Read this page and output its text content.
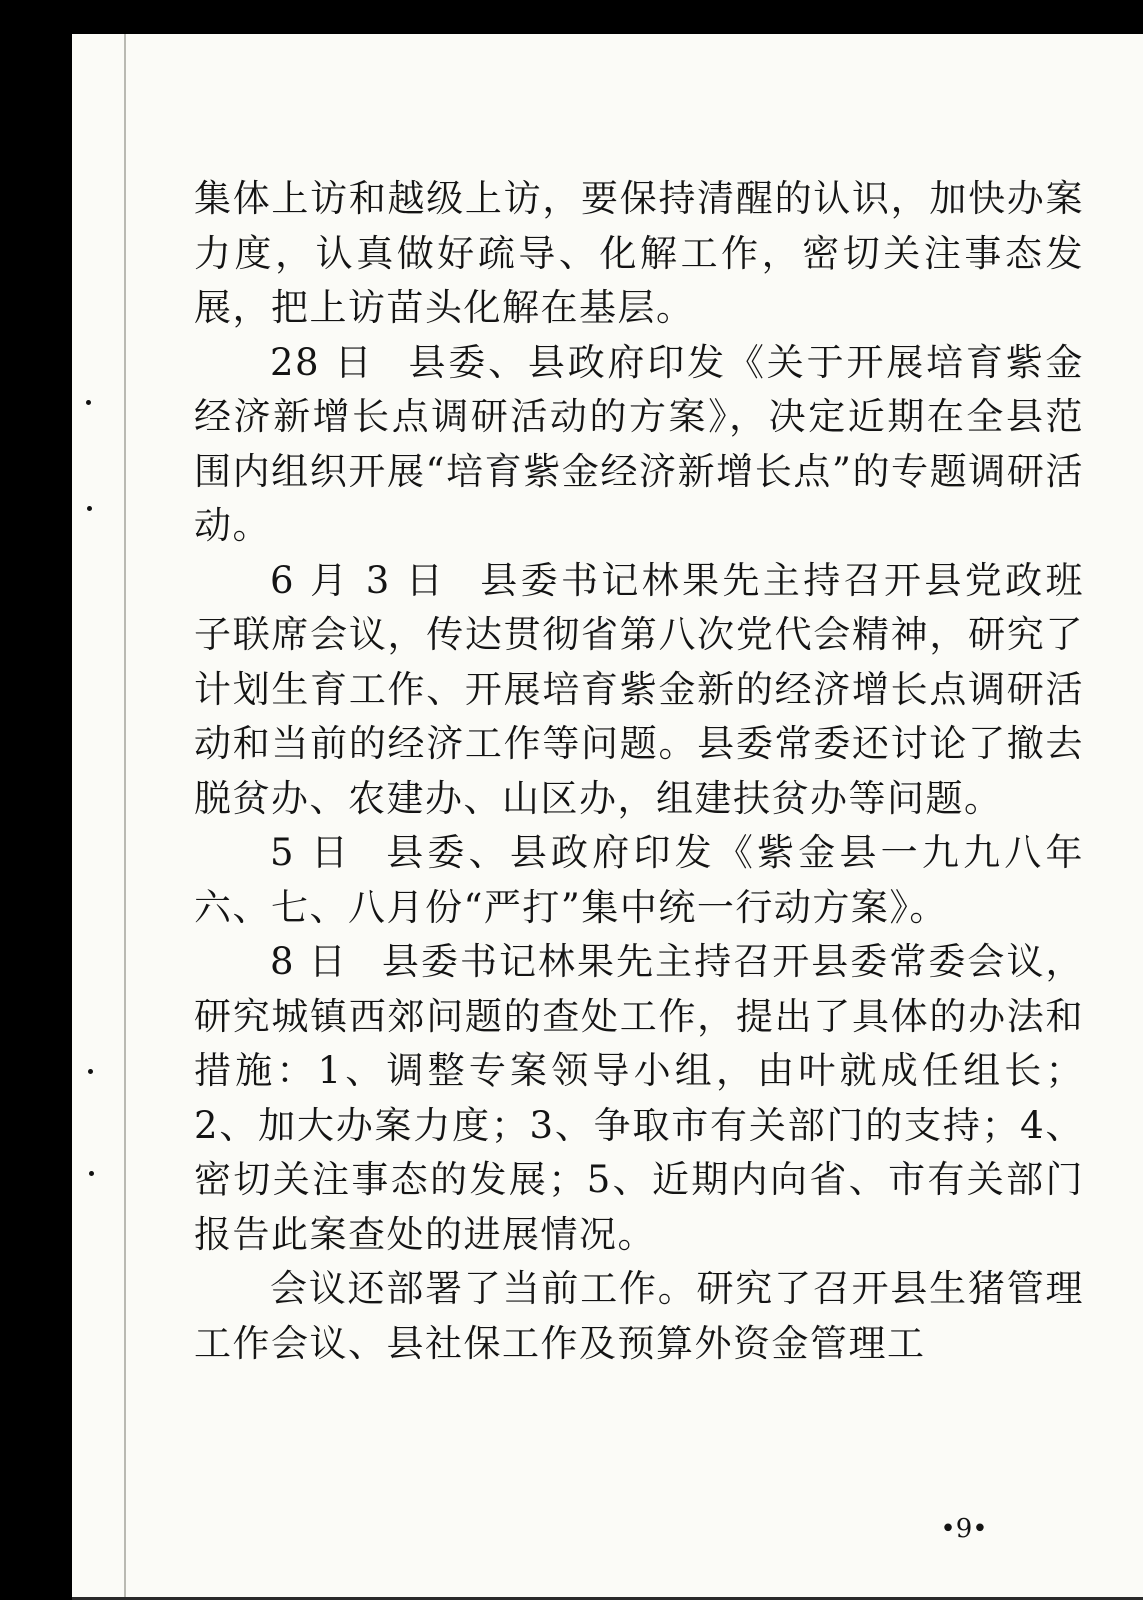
集体上访和越级上访，要保持清醒的认识，加快办案力度，认真做好疏导、化解工作，密切关注事态发展，把上访苗头化解在基层。

28 日 县委、县政府印发《关于开展培育紫金经济新增长点调研活动的方案》，决定近期在全县范围内组织开展“培育紫金经济新增长点”的专题调研活动。

6 月 3 日 县委书记林果先主持召开县党政班子联席会议，传达贯彻省第八次党代会精神，研究了计划生育工作、开展培育紫金新的经济增长点调研活动和当前的经济工作等问题。县委常委还讨论了撤去脱贫办、农建办、山区办，组建扶贫办等问题。

5 日 县委、县政府印发《紫金县一九九八年六、七、八月份“严打”集中统一行动方案》。

8 日 县委书记林果先主持召开县委常委会议，研究城镇西郊问题的查处工作，提出了具体的办法和措施：1、调整专案领导小组，由叶就成任组长；2、加大办案力度；3、争取市有关部门的支持；4、密切关注事态的发展；5、近期内向省、市有关部门报告此案查处的进展情况。

会议还部署了当前工作。研究了召开县生猪管理工作会议、县社保工作及预算外资金管理工

•9•
